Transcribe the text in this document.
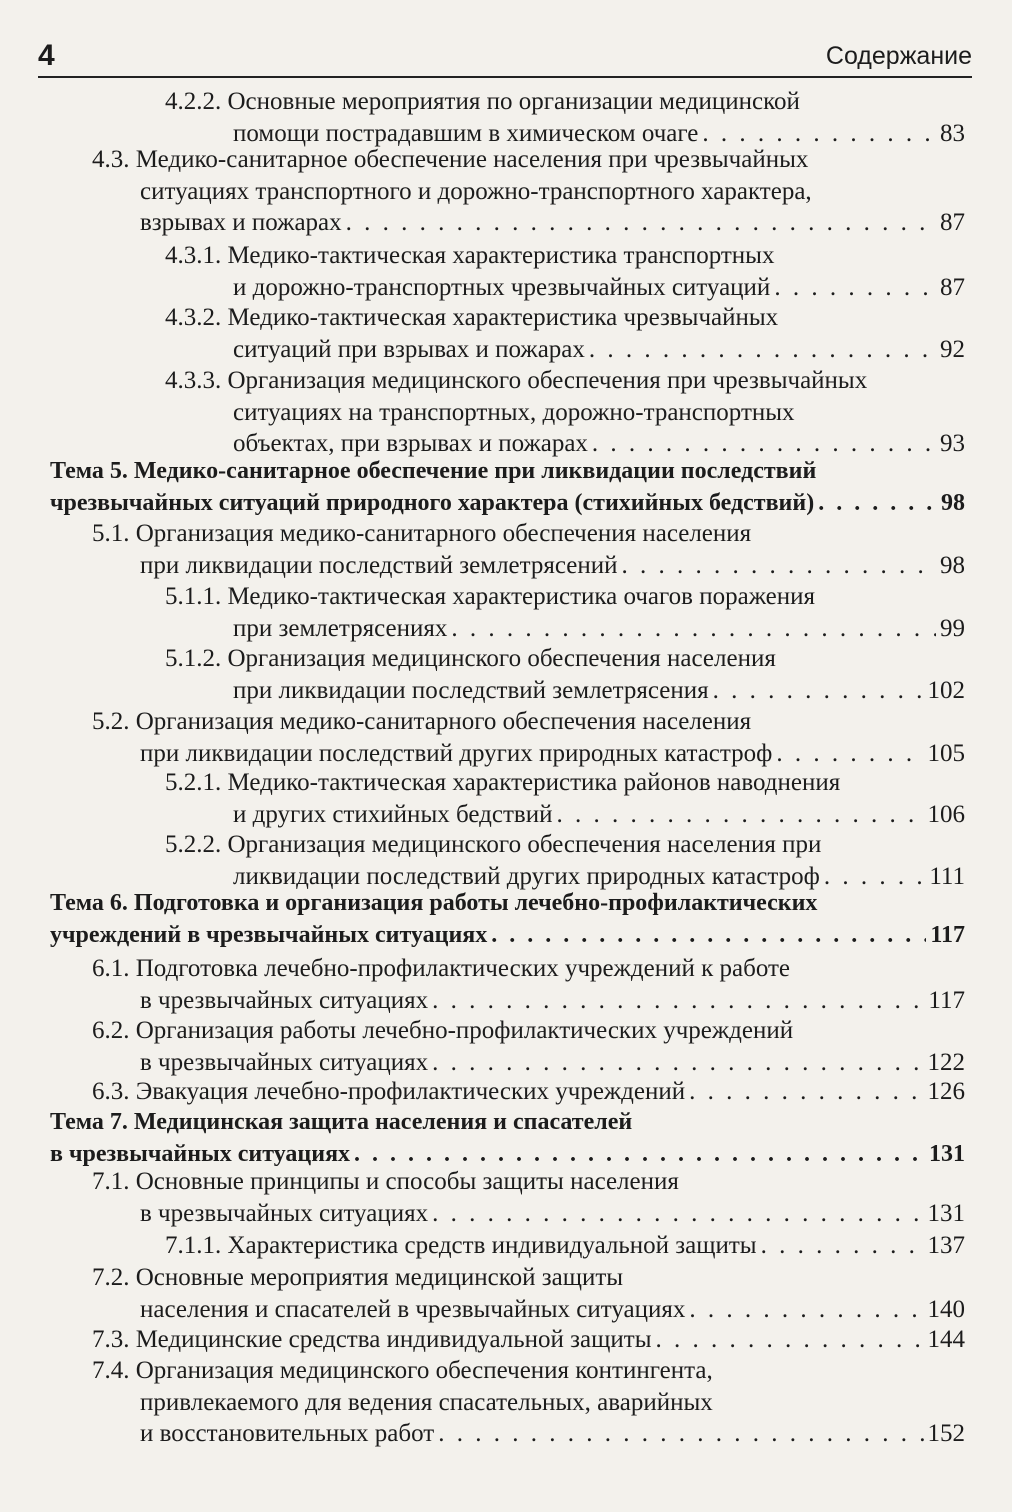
4	Содержание
4.2.2. Основные мероприятия по организации медицинской
помощи пострадавшим в химическом очаге . . .	83
4.3. Медико-санитарное обеспечение населения при чрезвычайных
ситуациях транспортного и дорожно-транспортного характера,
взрывах и пожарах . . .	87
4.3.1. Медико-тактическая характеристика транспортных
и дорожно-транспортных чрезвычайных ситуаций . . .	87
4.3.2. Медико-тактическая характеристика чрезвычайных
ситуаций при взрывах и пожарах . . .	92
4.3.3. Организация медицинского обеспечения при чрезвычайных
ситуациях на транспортных, дорожно-транспортных
объектах, при взрывах и пожарах . . .	93
Тема 5. Медико-санитарное обеспечение при ликвидации последствий
чрезвычайных ситуаций природного характера (стихийных бедствий) . . .	98
5.1. Организация медико-санитарного обеспечения населения
при ликвидации последствий землетрясений . . .	98
5.1.1. Медико-тактическая характеристика очагов поражения
при землетрясениях . . .	99
5.1.2. Организация медицинского обеспечения населения
при ликвидации последствий землетрясения . . .	102
5.2. Организация медико-санитарного обеспечения населения
при ликвидации последствий других природных катастроф . . .	105
5.2.1. Медико-тактическая характеристика районов наводнения
и других стихийных бедствий . . .	106
5.2.2. Организация медицинского обеспечения населения при
ликвидации последствий других природных катастроф . . .	111
Тема 6. Подготовка и организация работы лечебно-профилактических
учреждений в чрезвычайных ситуациях . . .	117
6.1. Подготовка лечебно-профилактических учреждений к работе
в чрезвычайных ситуациях . . .	117
6.2. Организация работы лечебно-профилактических учреждений
в чрезвычайных ситуациях . . .	122
6.3. Эвакуация лечебно-профилактических учреждений . . .	126
Тема 7. Медицинская защита населения и спасателей
в чрезвычайных ситуациях . . .	131
7.1. Основные принципы и способы защиты населения
в чрезвычайных ситуациях . . .	131
7.1.1. Характеристика средств индивидуальной защиты . . .	137
7.2. Основные мероприятия медицинской защиты
населения и спасателей в чрезвычайных ситуациях . . .	140
7.3. Медицинские средства индивидуальной защиты . . .	144
7.4. Организация медицинского обеспечения контингента,
привлекаемого для ведения спасательных, аварийных
и восстановительных работ . . .	152
